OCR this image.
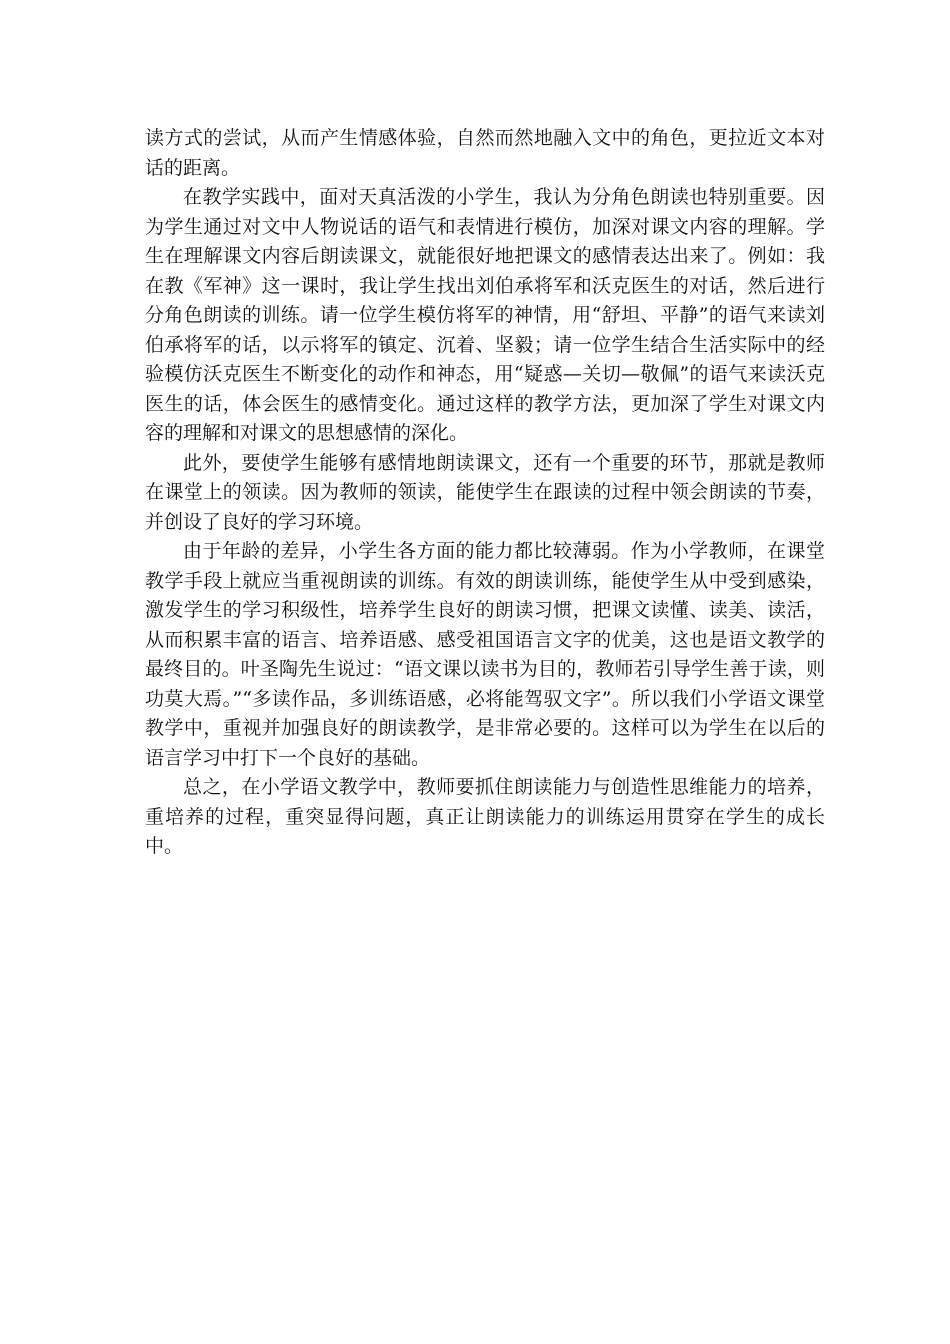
读方式的尝试，从而产生情感体验，自然而然地融入文中的角色，更拉近文本对话的距离。

在教学实践中，面对天真活泼的小学生，我认为分角色朗读也特别重要。因为学生通过对文中人物说话的语气和表情进行模仿，加深对课文内容的理解。学生在理解课文内容后朗读课文，就能很好地把课文的感情表达出来了。例如：我在教《军神》这一课时，我让学生找出刘伯承将军和沃克医生的对话，然后进行分角色朗读的训练。请一位学生模仿将军的神情，用“舒坦、平静”的语气来读刘伯承将军的话，以示将军的镇定、沉着、坚毅；请一位学生结合生活实际中的经验模仿沃克医生不断变化的动作和神态，用“疑惑—关切—敬佩”的语气来读沃克医生的话，体会医生的感情变化。通过这样的教学方法，更加深了学生对课文内容的理解和对课文的思想感情的深化。

此外，要使学生能够有感情地朗读课文，还有一个重要的环节，那就是教师在课堂上的领读。因为教师的领读，能使学生在跟读的过程中领会朗读的节奏，并创设了良好的学习环境。

由于年龄的差异，小学生各方面的能力都比较薄弱。作为小学教师，在课堂教学手段上就应当重视朗读的训练。有效的朗读训练，能使学生从中受到感染，激发学生的学习积级性，培养学生良好的朗读习惯，把课文读懂、读美、读活，从而积累丰富的语言、培养语感、感受祖国语言文字的优美，这也是语文教学的最终目的。叶圣陶先生说过：“语文课以读书为目的，教师若引导学生善于读，则功莫大焉。”“多读作品，多训练语感，必将能驾驭文字”。所以我们小学语文课堂教学中，重视并加强良好的朗读教学，是非常必要的。这样可以为学生在以后的语言学习中打下一个良好的基础。

总之，在小学语文教学中，教师要抓住朗读能力与创造性思维能力的培养，重培养的过程，重突显得问题，真正让朗读能力的训练运用贯穿在学生的成长中。
